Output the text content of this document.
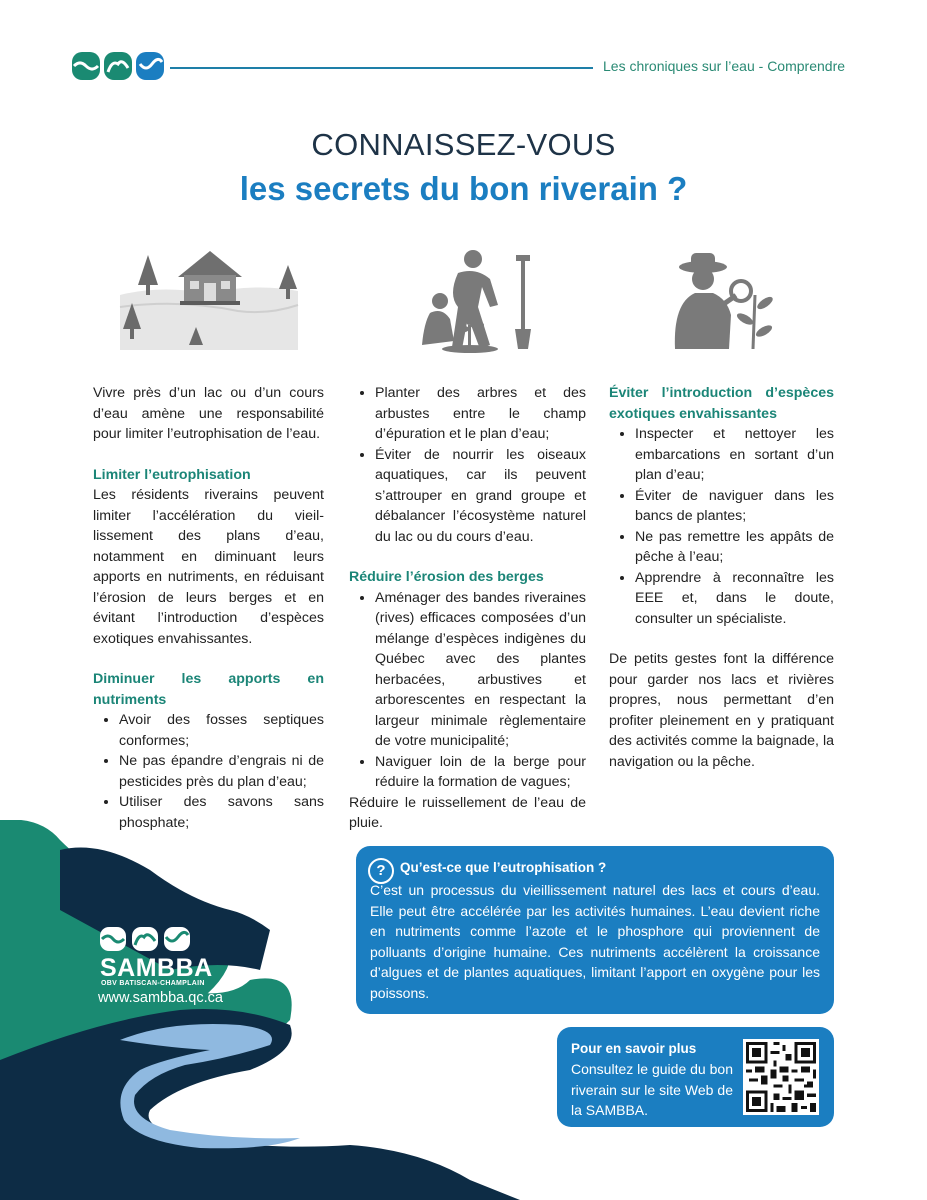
Les chroniques sur l’eau - Comprendre
CONNAISSEZ-VOUS
les secrets du bon riverain ?

Vivre près d’un lac ou d’un cours d’eau amène une responsabilité pour limiter l’eutrophisation de l’eau.

Limiter l’eutrophisation

Les résidents riverains peuvent limiter l’accélération du vieillissement des plans d’eau, notamment en diminuant leurs apports en nutriments, en réduisant l’érosion de leurs berges et en évitant l’introduction d’espèces exotiques envahissantes.

Diminuer les apports en nutriments

• Avoir des fosses septiques conformes;
• Ne pas épandre d’engrais ni de pesticides près du plan d’eau;
• Utiliser des savons sans phosphate;
• Planter des arbres et des arbustes entre le champ d’épuration et le plan d’eau;
• Éviter de nourrir les oiseaux aquatiques, car ils peuvent s’attrouper en grand groupe et débalancer l’écosystème naturel du lac ou du cours d’eau.

Réduire l’érosion des berges

• Aménager des bandes riveraines (rives) efficaces composées d’un mélange d’espèces indigènes du Québec avec des plantes herbacées, arbustives et arborescentes en respectant la largeur minimale règlementaire de votre municipalité;
• Naviguer loin de la berge pour réduire la formation de vagues;

Réduire le ruissellement de l’eau de pluie.

Éviter l’introduction d’espèces exotiques envahissantes

• Inspecter et nettoyer les embarcations en sortant d’un plan d’eau;
• Éviter de naviguer dans les bancs de plantes;
• Ne pas remettre les appâts de pêche à l’eau;
• Apprendre à reconnaître les EEE et, dans le doute, consulter un spécialiste.

De petits gestes font la différence pour garder nos lacs et rivières propres, nous permettant d’en profiter pleinement en y pratiquant des activités comme la baignade, la navigation ou la pêche.

SAMBBA
OBV BATISCAN-CHAMPLAIN
www.sambba.qc.ca
?	Qu’est-ce que l’eutrophisation ?
C’est un processus du vieillissement naturel des lacs et cours d’eau. Elle peut être accélérée par les activités humaines. L’eau devient riche en nutriments comme l’azote et le phosphore qui proviennent de polluants d’origine humaine. Ces nutriments accélèrent la croissance d’algues et de plantes aquatiques, limitant l’apport en oxygène pour les poissons.
Pour en savoir plus
Consultez le guide du bon riverain sur le site Web de la SAMBBA.
